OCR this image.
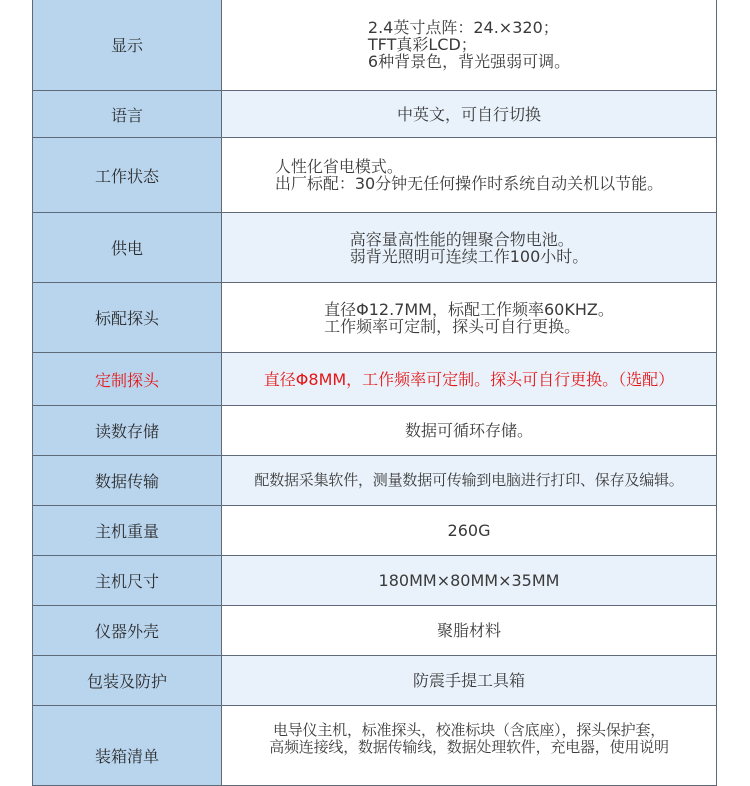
显示	2.4英寸点阵：24.×320；
TFT真彩LCD；
6种背景色，背光强弱可调。

语言	中英文，可自行切换

工作状态	人性化省电模式。
出厂标配：30分钟无任何操作时系统自动关机以节能。

供电	高容量高性能的锂聚合物电池。
弱背光照明可连续工作100小时。

标配探头	直径Φ12.7MM，标配工作频率60KHZ。
工作频率可定制，探头可自行更换。

定制探头	直径Φ8MM，工作频率可定制。探头可自行更换。（选配）

读数存储	数据可循环存储。

数据传输	配数据采集软件，测量数据可传输到电脑进行打印、保存及编辑。

主机重量	260G

主机尺寸	180MM×80MM×35MM

仪器外壳	聚脂材料

包装及防护	防震手提工具箱

装箱清单	电导仪主机，标准探头，校准标块（含底座），探头保护套，
高频连接线，数据传输线，数据处理软件，充电器，使用说明
